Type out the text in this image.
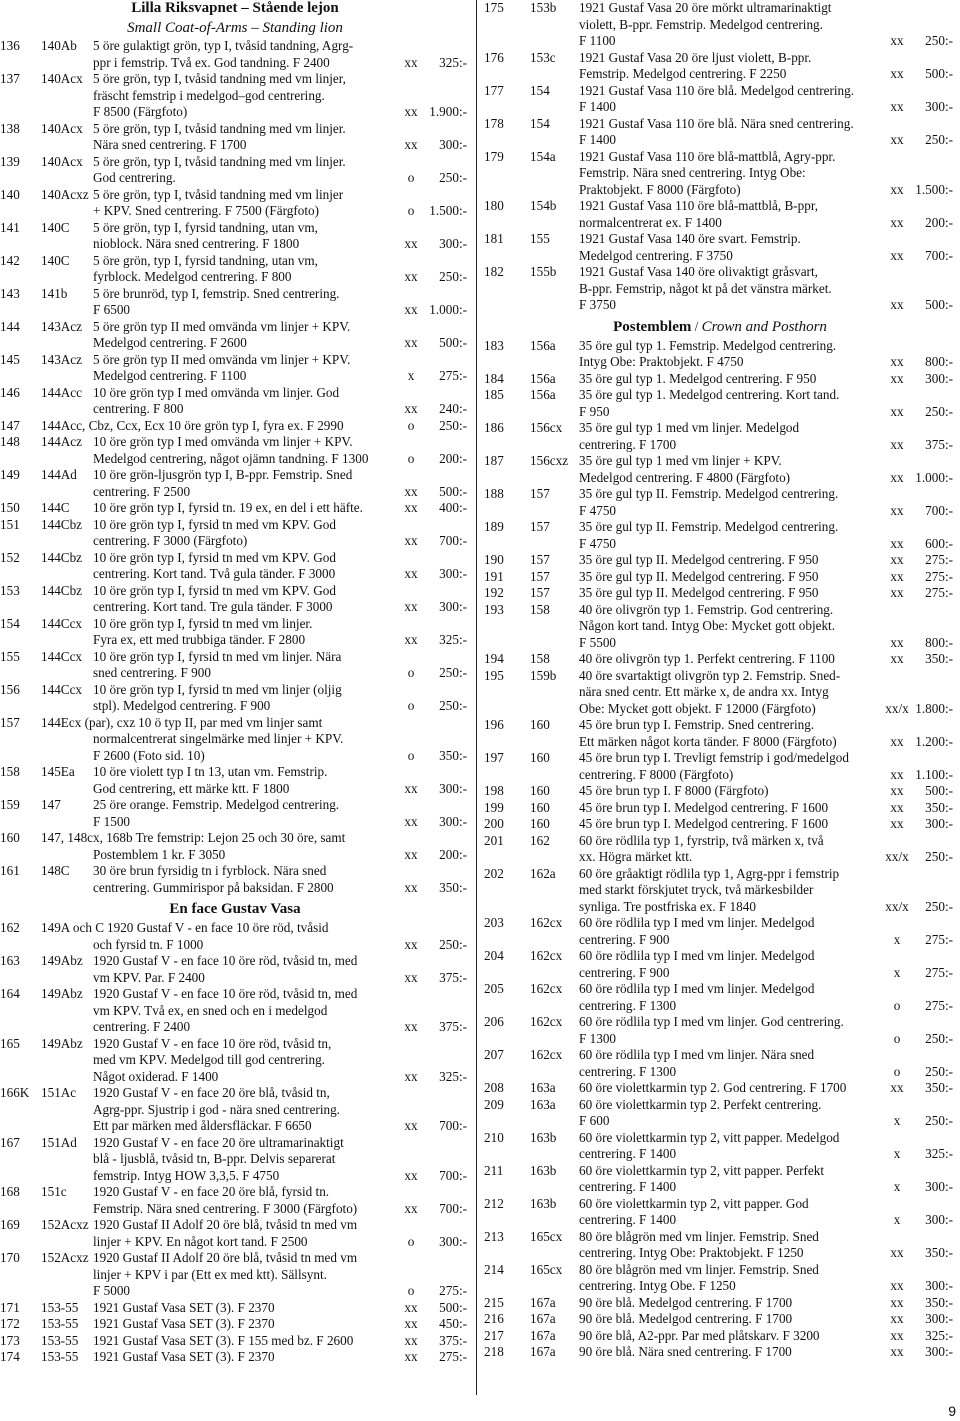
Lilla Riksvapnet – Stående lejon
Small Coat-of-Arms – Standing lion
136 140Ab	5 öre gulaktigt grön, typ I, tvåsid tandning, Agrg-
ppr i femstrip. Två ex. God tandning. F 2400	xx	325:-
137 140Acx 5 öre grön, typ I, tvåsid tandning med vm linjer,
fräscht femstrip i medelgod–god centrering.
F 8500 (Färgfoto)	xx 1.900:-
138 140Acx 5 öre grön, typ I, tvåsid tandning med vm linjer.
Nära sned centrering. F 1700	xx	300:-
139 140Acx 5 öre grön, typ I, tvåsid tandning med vm linjer.
God centrering.	o	250:-
140 140Acxz 5 öre grön, typ I, tvåsid tandning med vm linjer
+ KPV. Sned centrering. F 7500 (Färgfoto)	o	1.500:-
141 140C	5 öre grön, typ I, fyrsid tandning, utan vm,
nioblock. Nära sned centrering. F 1800	xx	300:-
142 140C	5 öre grön, typ I, fyrsid tandning, utan vm,
fyrblock. Medelgod centrering. F 800	xx	250:-
143 141b	5 öre brunröd, typ I, femstrip. Sned centrering.
F 6500	xx 1.000:-
144 143Acz 5 öre grön typ II med omvända vm linjer + KPV.
Medelgod centrering. F 2600	xx	500:-
145 143Acz 5 öre grön typ II med omvända vm linjer + KPV.
Medelgod centrering. F 1100	x	275:-
146 144Acc 10 öre grön typ I med omvända vm linjer. God
centrering. F 800	xx	240:-
147 144Acc, Cbz, Ccx, Ecx 10 öre grön typ I, fyra ex. F 2990	o	250:-
148 144Acz 10 öre grön typ I med omvända vm linjer + KPV.
Medelgod centrering, något ojämn tandning. F 1300	o	200:-
149 144Ad	10 öre grön-ljusgrön typ I, B-ppr. Femstrip. Sned
centrering. F 2500	xx	500:-
150 144C	10 öre grön typ I, fyrsid tn. 19 ex, en del i ett häfte.	xx	400:-
151 144Cbz 10 öre grön typ I, fyrsid tn med vm KPV. God
centrering. F 3000 (Färgfoto)	xx	700:-
152 144Cbz 10 öre grön typ I, fyrsid tn med vm KPV. God
centrering. Kort tand. Två gula tänder. F 3000	xx	300:-
153 144Cbz 10 öre grön typ I, fyrsid tn med vm KPV. God
centrering. Kort tand. Tre gula tänder. F 3000	xx	300:-
154 144Ccx 10 öre grön typ I, fyrsid tn med vm linjer.
Fyra ex, ett med trubbiga tänder. F 2800	xx	325:-
155 144Ccx 10 öre grön typ I, fyrsid tn med vm linjer. Nära
sned centrering. F 900	o	250:-
156 144Ccx 10 öre grön typ I, fyrsid tn med vm linjer (oljig
stpl). Medelgod centrering. F 900	o	250:-
157 144Ecx (par), cxz 10 ö typ II, par med vm linjer samt
normalcentrerat singelmärke med linjer + KPV.
F 2600 (Foto sid. 10)	o	350:-
158 145Ea	10 öre violett typ I tn 13, utan vm. Femstrip.
God centrering, ett märke ktt. F 1800	xx	300:-
159 147	25 öre orange. Femstrip. Medelgod centrering.
F 1500	xx	300:-
160 147, 148cx, 168b Tre femstrip: Lejon 25 och 30 öre, samt
Postemblem 1 kr. F 3050	xx	200:-
161 148C	30 öre brun fyrsidig tn i fyrblock. Nära sned
centrering. Gummirispor på baksidan. F 2800	xx	350:-
En face Gustav Vasa
162 149A och C 1920 Gustaf V - en face 10 öre röd, tvåsid
och fyrsid tn. F 1000	xx	250:-
163 149Abz 1920 Gustaf V - en face 10 öre röd, tvåsid tn, med
vm KPV. Par. F 2400	xx	375:-
164 149Abz 1920 Gustaf V - en face 10 öre röd, tvåsid tn, med
vm KPV. Två ex, en sned och en i medelgod
centrering. F 2400	xx	375:-
165 149Abz 1920 Gustaf V - en face 10 öre röd, tvåsid tn,
med vm KPV. Medelgod till god centrering.
Något oxiderad. F 1400	xx	325:-
166K 151Ac	1920 Gustaf V - en face 20 öre blå, tvåsid tn,
Agrg-ppr. Sjustrip i god - nära sned centrering.
Ett par märken med åldersfläckar. F 6650	xx	700:-
167 151Ad	1920 Gustaf V - en face 20 öre ultramarinaktigt
blå - ljusblå, tvåsid tn, B-ppr. Delvis separerat
femstrip. Intyg HOW 3,3,5. F 4750	xx	700:-
168 151c	1920 Gustaf V - en face 20 öre blå, fyrsid tn.
Femstrip. Nära sned centrering. F 3000 (Färgfoto)	xx	700:-
169 152Acxz 1920 Gustaf II Adolf 20 öre blå, tvåsid tn med vm
linjer + KPV. En något kort tand. F 2500	o	300:-
170 152Acxz 1920 Gustaf II Adolf 20 öre blå, tvåsid tn med vm
linjer + KPV i par (Ett ex med ktt). Sällsynt.
F 5000	o	275:-
171 153-55	1921 Gustaf Vasa SET (3). F 2370	xx	500:-
172 153-55	1921 Gustaf Vasa SET (3). F 2370	xx	450:-
173 153-55	1921 Gustaf Vasa SET (3). F 155 med bz. F 2600	xx	375:-
174 153-55	1921 Gustaf Vasa SET (3). F 2370	xx	275:-
175 153b	1921 Gustaf Vasa 20 öre mörkt ultramarinaktigt
violett, B-ppr. Femstrip. Medelgod centrering.
F 1100	xx	250:-
176 153c	1921 Gustaf Vasa 20 öre ljust violett, B-ppr.
Femstrip. Medelgod centrering. F 2250	xx	500:-
177 154	1921 Gustaf Vasa 110 öre blå. Medelgod centrering.
F 1400	xx	300:-
178 154	1921 Gustaf Vasa 110 öre blå. Nära sned centrering.
F 1400	xx	250:-
179 154a	1921 Gustaf Vasa 110 öre blå-mattblå, Agry-ppr.
Femstrip. Nära sned centrering. Intyg Obe:
Praktobjekt. F 8000 (Färgfoto)	xx 1.500:-
180 154b	1921 Gustaf Vasa 110 öre blå-mattblå, B-ppr,
normalcentrerat ex. F 1400	xx	200:-
181 155	1921 Gustaf Vasa 140 öre svart. Femstrip.
Medelgod centrering. F 3750	xx	700:-
182 155b	1921 Gustaf Vasa 140 öre olivaktigt gråsvart,
B-ppr. Femstrip, något kt på det vänstra märket.
F 3750	xx	500:-
Postemblem / Crown and Posthorn
183 156a	35 öre gul typ 1. Femstrip. Medelgod centrering.
Intyg Obe: Praktobjekt. F 4750	xx	800:-
184 156a	35 öre gul typ 1. Medelgod centrering. F 950	xx	300:-
185 156a	35 öre gul typ 1. Medelgod centrering. Kort tand.
F 950	xx	250:-
186 156cx	35 öre gul typ 1 med vm linjer. Medelgod
centrering. F 1700	xx	375:-
187 156cxz 35 öre gul typ 1 med vm linjer + KPV.
Medelgod centrering. F 4800 (Färgfoto)	xx 1.000:-
188 157	35 öre gul typ II. Femstrip. Medelgod centrering.
F 4750	xx	700:-
189 157	35 öre gul typ II. Femstrip. Medelgod centrering.
F 4750	xx	600:-
190 157	35 öre gul typ II. Medelgod centrering. F 950	xx	275:-
191 157	35 öre gul typ II. Medelgod centrering. F 950	xx	275:-
192 157	35 öre gul typ II. Medelgod centrering. F 950	xx	275:-
193 158	40 öre olivgrön typ 1. Femstrip. God centrering.
Någon kort tand. Intyg Obe: Mycket gott objekt.
F 5500	xx	800:-
194 158	40 öre olivgrön typ 1. Perfekt centrering. F 1100	xx	350:-
195 159b	40 öre svartaktigt olivgrön typ 2. Femstrip. Sned-
nära sned centr. Ett märke x, de andra xx. Intyg
Obe: Mycket gott objekt. F 12000 (Färgfoto)	xx/x 1.800:-
196 160	45 öre brun typ I. Femstrip. Sned centrering.
Ett märken något korta tänder. F 8000 (Färgfoto)	xx 1.200:-
197 160	45 öre brun typ I. Trevligt femstrip i god/medelgod
centrering. F 8000 (Färgfoto)	xx 1.100:-
198 160	45 öre brun typ I. F 8000 (Färgfoto)	xx	500:-
199 160	45 öre brun typ I. Medelgod centrering. F 1600	xx	350:-
200 160	45 öre brun typ I. Medelgod centrering. F 1600	xx	300:-
201 162	60 öre rödlila typ 1, fyrstrip, två märken x, två
xx. Högra märket ktt.	xx/x	250:-
202 162a	60 öre gråaktigt rödlila typ 1, Agrg-ppr i femstrip
med starkt förskjutet tryck, två märkesbilder
synliga. Tre postfriska ex. F 1840	xx/x	250:-
203 162cx	60 öre rödlila typ I med vm linjer. Medelgod
centrering. F 900	x	275:-
204 162cx	60 öre rödlila typ I med vm linjer. Medelgod
centrering. F 900	x	275:-
205 162cx	60 öre rödlila typ I med vm linjer. Medelgod
centrering. F 1300	o	275:-
206 162cx	60 öre rödlila typ I med vm linjer. God centrering.
F 1300	o	250:-
207 162cx	60 öre rödlila typ I med vm linjer. Nära sned
centrering. F 1300	o	250:-
208 163a	60 öre violettkarmin typ 2. God centrering. F 1700	xx	350:-
209 163a	60 öre violettkarmin typ 2. Perfekt centrering.
F 600	x	250:-
210 163b	60 öre violettkarmin typ 2, vitt papper. Medelgod
centrering. F 1400	x	325:-
211 163b	60 öre violettkarmin typ 2, vitt papper. Perfekt
centrering. F 1400	x	300:-
212 163b	60 öre violettkarmin typ 2, vitt papper. God
centrering. F 1400	x	300:-
213 165cx	80 öre blågrön med vm linjer. Femstrip. Sned
centrering. Intyg Obe: Praktobjekt. F 1250	xx	350:-
214 165cx	80 öre blågrön med vm linjer. Femstrip. Sned
centrering. Intyg Obe. F 1250	xx	300:-
215 167a	90 öre blå. Medelgod centrering. F 1700	xx	350:-
216 167a	90 öre blå. Medelgod centrering. F 1700	xx	300:-
217 167a	90 öre blå, A2-ppr. Par med plåtskarv. F 3200	xx	325:-
218 167a	90 öre blå. Nära sned centrering. F 1700	xx	300:-
9
